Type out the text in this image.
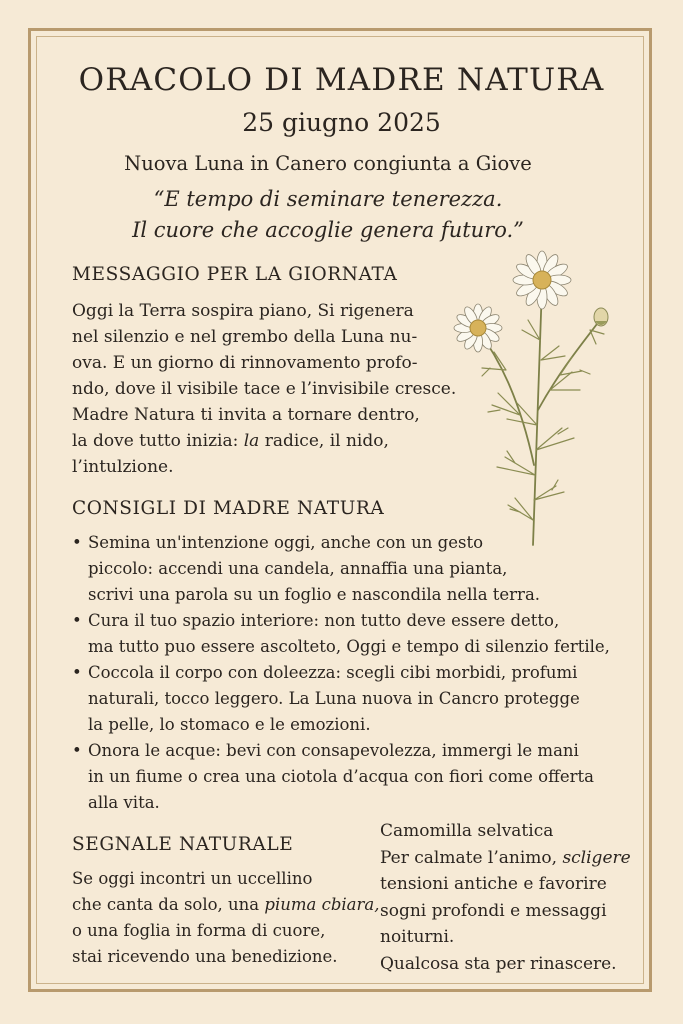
ORACOLO DI MADRE NATURA
25 giugno 2025
Nuova Luna in Canero congiunta a Giove
“E tempo di seminare tenerezza.
Il cuore che accoglie genera futuro.”
MESSAGGIO PER LA GIORNATA
Oggi la Terra sospira piano, Si rigenera
nel silenzio e nel grembo della Luna nu-
ova. E un giorno di rinnovamento profo-
ndo, dove il visibile tace e l’invisibile cresce.
Madre Natura ti invita a tornare dentro,
la dove tutto inizia: la radice, il nido,
l’intulzione.
CONSIGLI DI MADRE NATURA
• Semina un'intenzione oggi, anche con un gesto
piccolo: accendi una candela, annaffia una pianta,
scrivi una parola su un foglio e nascondila nella terra.
• Cura il tuo spazio interiore: non tutto deve essere detto,
ma tutto puo essere ascolteto, Oggi e tempo di silenzio fertile,
• Coccola il corpo con doleezza: scegli cibi morbidi, profumi
naturali, tocco leggero. La Luna nuova in Cancro protegge
la pelle, lo stomaco e le emozioni.
• Onora le acque: bevi con consapevolezza, immergi le mani
in un fiume o crea una ciotola d’acqua con fiori come offerta
alla vita.
SEGNALE NATURALE
Se oggi incontri un uccellino
che canta da solo, una piuma cbiara,
o una foglia in forma di cuore,
stai ricevendo una benedizione.
Camomilla selvatica
Per calmate l’animo, scligere
tensioni antiche e favorire
sogni profondi e messaggi
noiturni.
Qualcosa sta per rinascere.
